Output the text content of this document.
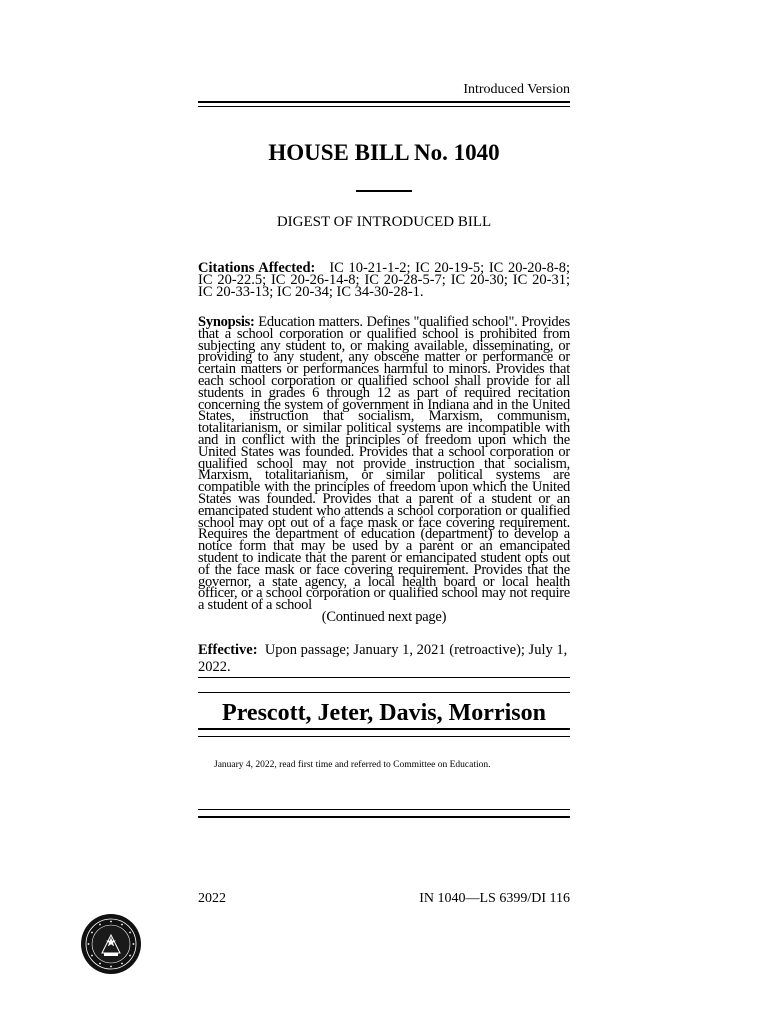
Introduced Version
HOUSE BILL No. 1040
DIGEST OF INTRODUCED BILL
Citations Affected: IC 10-21-1-2; IC 20-19-5; IC 20-20-8-8; IC 20-22.5; IC 20-26-14-8; IC 20-28-5-7; IC 20-30; IC 20-31; IC 20-33-13; IC 20-34; IC 34-30-28-1.
Synopsis: Education matters. Defines "qualified school". Provides that a school corporation or qualified school is prohibited from subjecting any student to, or making available, disseminating, or providing to any student, any obscene matter or performance or certain matters or performances harmful to minors. Provides that each school corporation or qualified school shall provide for all students in grades 6 through 12 as part of required recitation concerning the system of government in Indiana and in the United States, instruction that socialism, Marxism, communism, totalitarianism, or similar political systems are incompatible with and in conflict with the principles of freedom upon which the United States was founded. Provides that a school corporation or qualified school may not provide instruction that socialism, Marxism, totalitarianism, or similar political systems are compatible with the principles of freedom upon which the United States was founded. Provides that a parent of a student or an emancipated student who attends a school corporation or qualified school may opt out of a face mask or face covering requirement. Requires the department of education (department) to develop a notice form that may be used by a parent or an emancipated student to indicate that the parent or emancipated student opts out of the face mask or face covering requirement. Provides that the governor, a state agency, a local health board or local health officer, or a school corporation or qualified school may not require a student of a school
(Continued next page)
Effective: Upon passage; January 1, 2021 (retroactive); July 1, 2022.
Prescott, Jeter, Davis, Morrison
January 4, 2022, read first time and referred to Committee on Education.
2022	IN 1040—LS 6399/DI 116
